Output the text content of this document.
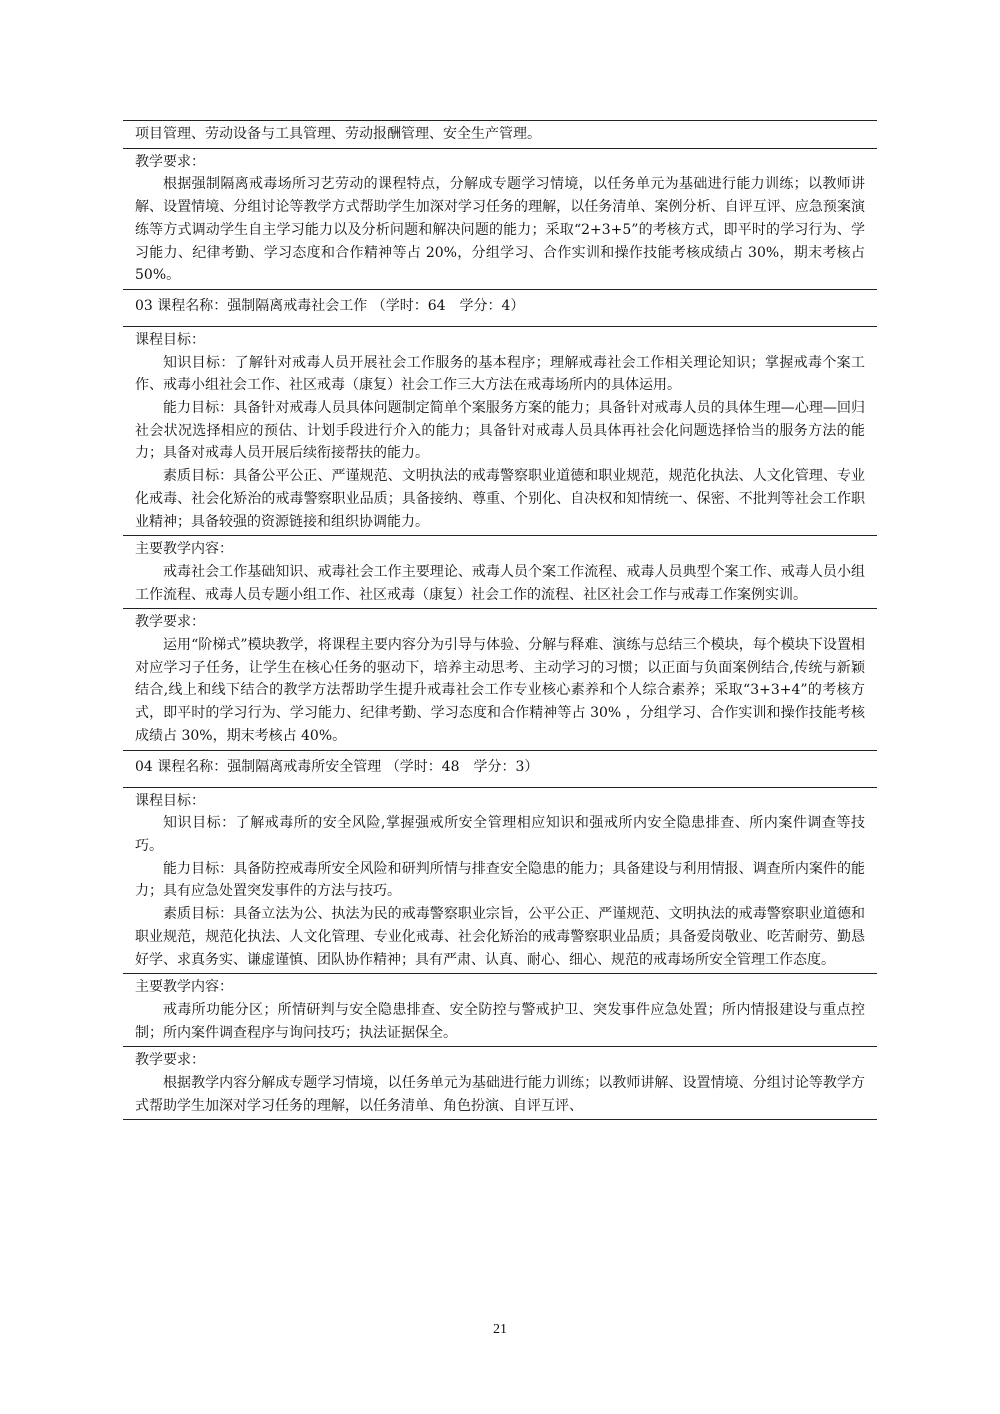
项目管理、劳动设备与工具管理、劳动报酬管理、安全生产管理。

教学要求：

根据强制隔离戒毒场所习艺劳动的课程特点，分解成专题学习情境，以任务单元为基础进行能力训练；以教师讲解、设置情境、分组讨论等教学方式帮助学生加深对学习任务的理解，以任务清单、案例分析、自评互评、应急预案演练等方式调动学生自主学习能力以及分析问题和解决问题的能力；采取“2+3+5”的考核方式，即平时的学习行为、学习能力、纪律考勤、学习态度和合作精神等占 20%，分组学习、合作实训和操作技能考核成绩占 30%，期末考核占 50%。

03 课程名称：强制隔离戒毒社会工作 （学时：64　学分：4）

课程目标：

知识目标：了解针对戒毒人员开展社会工作服务的基本程序；理解戒毒社会工作相关理论知识；掌握戒毒个案工作、戒毒小组社会工作、社区戒毒（康复）社会工作三大方法在戒毒场所内的具体运用。

能力目标：具备针对戒毒人员具体问题制定简单个案服务方案的能力；具备针对戒毒人员的具体生理—心理—回归社会状况选择相应的预估、计划手段进行介入的能力；具备针对戒毒人员具体再社会化问题选择恰当的服务方法的能力；具备对戒毒人员开展后续衔接帮扶的能力。

素质目标：具备公平公正、严谨规范、文明执法的戒毒警察职业道德和职业规范，规范化执法、人文化管理、专业化戒毒、社会化矫治的戒毒警察职业品质；具备接纳、尊重、个别化、自决权和知情统一、保密、不批判等社会工作职业精神；具备较强的资源链接和组织协调能力。

主要教学内容：

戒毒社会工作基础知识、戒毒社会工作主要理论、戒毒人员个案工作流程、戒毒人员典型个案工作、戒毒人员小组工作流程、戒毒人员专题小组工作、社区戒毒（康复）社会工作的流程、社区社会工作与戒毒工作案例实训。

教学要求：

运用“阶梯式”模块教学，将课程主要内容分为引导与体验、分解与释难、演练与总结三个模块，每个模块下设置相对应学习子任务，让学生在核心任务的驱动下，培养主动思考、主动学习的习惯；以正面与负面案例结合,传统与新颖结合,线上和线下结合的教学方法帮助学生提升戒毒社会工作专业核心素养和个人综合素养；采取“3+3+4”的考核方式，即平时的学习行为、学习能力、纪律考勤、学习态度和合作精神等占 30% ，分组学习、合作实训和操作技能考核成绩占 30%，期末考核占 40%。

04 课程名称：强制隔离戒毒所安全管理 （学时：48　学分：3）

课程目标：

知识目标：了解戒毒所的安全风险,掌握强戒所安全管理相应知识和强戒所内安全隐患排查、所内案件调查等技巧。

能力目标：具备防控戒毒所安全风险和研判所情与排查安全隐患的能力；具备建设与利用情报、调查所内案件的能力；具有应急处置突发事件的方法与技巧。

素质目标：具备立法为公、执法为民的戒毒警察职业宗旨，公平公正、严谨规范、文明执法的戒毒警察职业道德和职业规范，规范化执法、人文化管理、专业化戒毒、社会化矫治的戒毒警察职业品质；具备爱岗敬业、吃苦耐劳、勤恳好学、求真务实、谦虚谨慎、团队协作精神；具有严肃、认真、耐心、细心、规范的戒毒场所安全管理工作态度。

主要教学内容：

戒毒所功能分区；所情研判与安全隐患排查、安全防控与警戒护卫、突发事件应急处置；所内情报建设与重点控制；所内案件调查程序与询问技巧；执法证据保全。

教学要求：

根据教学内容分解成专题学习情境，以任务单元为基础进行能力训练；以教师讲解、设置情境、分组讨论等教学方式帮助学生加深对学习任务的理解，以任务清单、角色扮演、自评互评、

21
